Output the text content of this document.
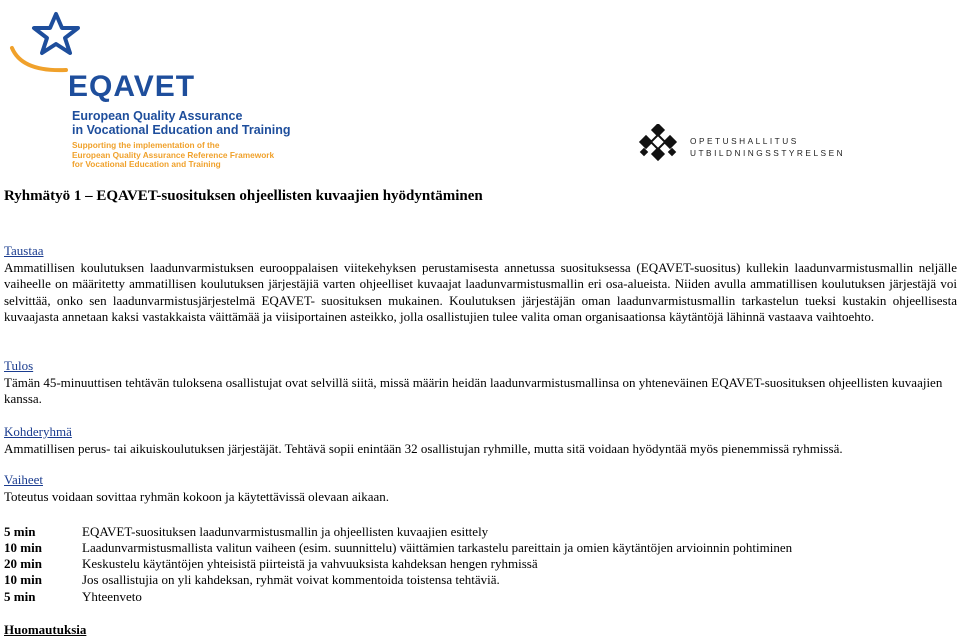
EQAVET
European Quality Assurance
in Vocational Education and Training
Supporting the implementation of the
European Quality Assurance Reference Framework
for Vocational Education and Training
OPETUSHALLITUS
UTBILDNINGSSTYRELSEN
Ryhmätyö 1 – EQAVET-suosituksen ohjeellisten kuvaajien hyödyntäminen
Taustaa

Ammatillisen koulutuksen laadunvarmistuksen eurooppalaisen viitekehyksen perustamisesta annetussa suosituksessa (EQAVET-suositus) kullekin laadunvarmistusmallin neljälle vaiheelle on määritetty ammatillisen koulutuksen järjestäjiä varten ohjeelliset kuvaajat laadunvarmistusmallin eri osa-alueista. Niiden avulla ammatillisen koulutuksen järjestäjä voi selvittää, onko sen laadunvarmistusjärjestelmä EQAVET- suosituksen mukainen. Koulutuksen järjestäjän oman laadunvarmistusmallin tarkastelun tueksi kustakin ohjeellisesta kuvaajasta annetaan kaksi vastakkaista väittämää ja viisiportainen asteikko, jolla osallistujien tulee valita oman organisaationsa käytäntöjä lähinnä vastaava vaihtoehto.

Tulos

Tämän 45-minuuttisen tehtävän tuloksena osallistujat ovat selvillä siitä, missä määrin heidän laadunvarmistusmallinsa on yhteneväinen EQAVET-suosituksen ohjeellisten kuvaajien kanssa.

Kohderyhmä

Ammatillisen perus- tai aikuiskoulutuksen järjestäjät. Tehtävä sopii enintään 32 osallistujan ryhmille, mutta sitä voidaan hyödyntää myös pienemmissä ryhmissä.

Vaiheet

Toteutus voidaan sovittaa ryhmän kokoon ja käytettävissä olevaan aikaan.

5 min	EQAVET-suosituksen laadunvarmistusmallin ja ohjeellisten kuvaajien esittely
10 min	Laadunvarmistusmallista valitun vaiheen (esim. suunnittelu) väittämien tarkastelu pareittain ja omien käytäntöjen arvioinnin pohtiminen
20 min	Keskustelu käytäntöjen yhteisistä piirteistä ja vahvuuksista kahdeksan hengen ryhmissä
10 min	Jos osallistujia on yli kahdeksan, ryhmät voivat kommentoida toistensa tehtäviä.
5 min	Yhteenveto
Huomautuksia
